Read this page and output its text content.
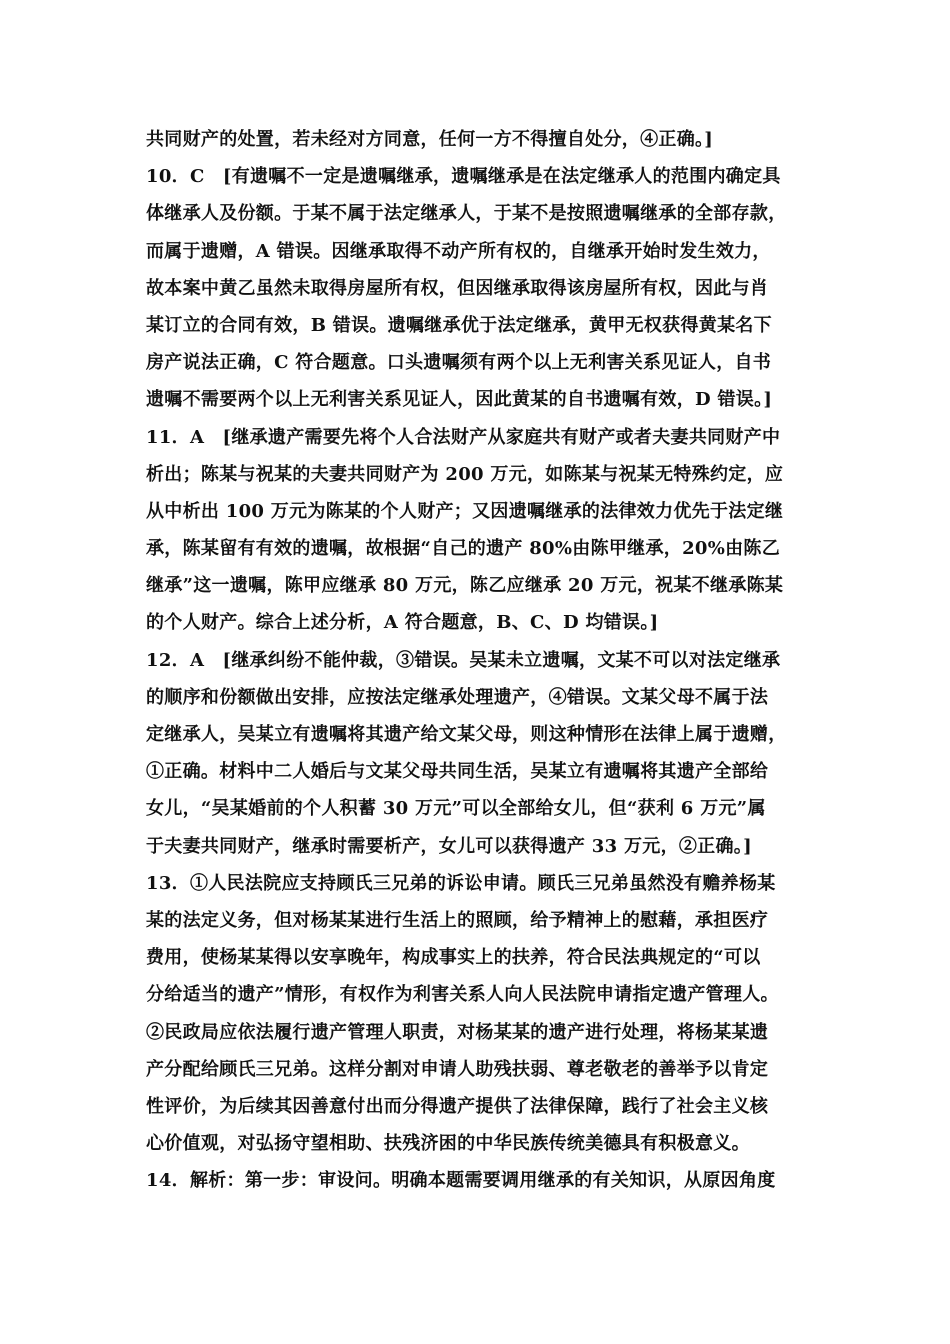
共同财产的处置，若未经对方同意，任何一方不得擅自处分，④正确。]
10．C　[有遗嘱不一定是遗嘱继承，遗嘱继承是在法定继承人的范围内确定具
体继承人及份额。于某不属于法定继承人，于某不是按照遗嘱继承的全部存款，
而属于遗赠，A 错误。因继承取得不动产所有权的，自继承开始时发生效力，
故本案中黄乙虽然未取得房屋所有权，但因继承取得该房屋所有权，因此与肖
某订立的合同有效，B 错误。遗嘱继承优于法定继承，黄甲无权获得黄某名下
房产说法正确，C 符合题意。口头遗嘱须有两个以上无利害关系见证人，自书
遗嘱不需要两个以上无利害关系见证人，因此黄某的自书遗嘱有效，D 错误。]
11．A　[继承遗产需要先将个人合法财产从家庭共有财产或者夫妻共同财产中
析出；陈某与祝某的夫妻共同财产为 200 万元，如陈某与祝某无特殊约定，应
从中析出 100 万元为陈某的个人财产；又因遗嘱继承的法律效力优先于法定继
承，陈某留有有效的遗嘱，故根据“自己的遗产 80%由陈甲继承，20%由陈乙
继承”这一遗嘱，陈甲应继承 80 万元，陈乙应继承 20 万元，祝某不继承陈某
的个人财产。综合上述分析，A 符合题意，B、C、D 均错误。]
12．A　[继承纠纷不能仲裁，③错误。吴某未立遗嘱，文某不可以对法定继承
的顺序和份额做出安排，应按法定继承处理遗产，④错误。文某父母不属于法
定继承人，吴某立有遗嘱将其遗产给文某父母，则这种情形在法律上属于遗赠，
①正确。材料中二人婚后与文某父母共同生活，吴某立有遗嘱将其遗产全部给
女儿，“吴某婚前的个人积蓄 30 万元”可以全部给女儿，但“获利 6 万元”属
于夫妻共同财产，继承时需要析产，女儿可以获得遗产 33 万元，②正确。]
13．①人民法院应支持顾氏三兄弟的诉讼申请。顾氏三兄弟虽然没有赡养杨某
某的法定义务，但对杨某某进行生活上的照顾，给予精神上的慰藉，承担医疗
费用，使杨某某得以安享晚年，构成事实上的扶养，符合民法典规定的“可以
分给适当的遗产”情形，有权作为利害关系人向人民法院申请指定遗产管理人。
②民政局应依法履行遗产管理人职责，对杨某某的遗产进行处理，将杨某某遗
产分配给顾氏三兄弟。这样分割对申请人助残扶弱、尊老敬老的善举予以肯定
性评价，为后续其因善意付出而分得遗产提供了法律保障，践行了社会主义核
心价值观，对弘扬守望相助、扶残济困的中华民族传统美德具有积极意义。
14．解析：第一步：审设问。明确本题需要调用继承的有关知识，从原因角度
